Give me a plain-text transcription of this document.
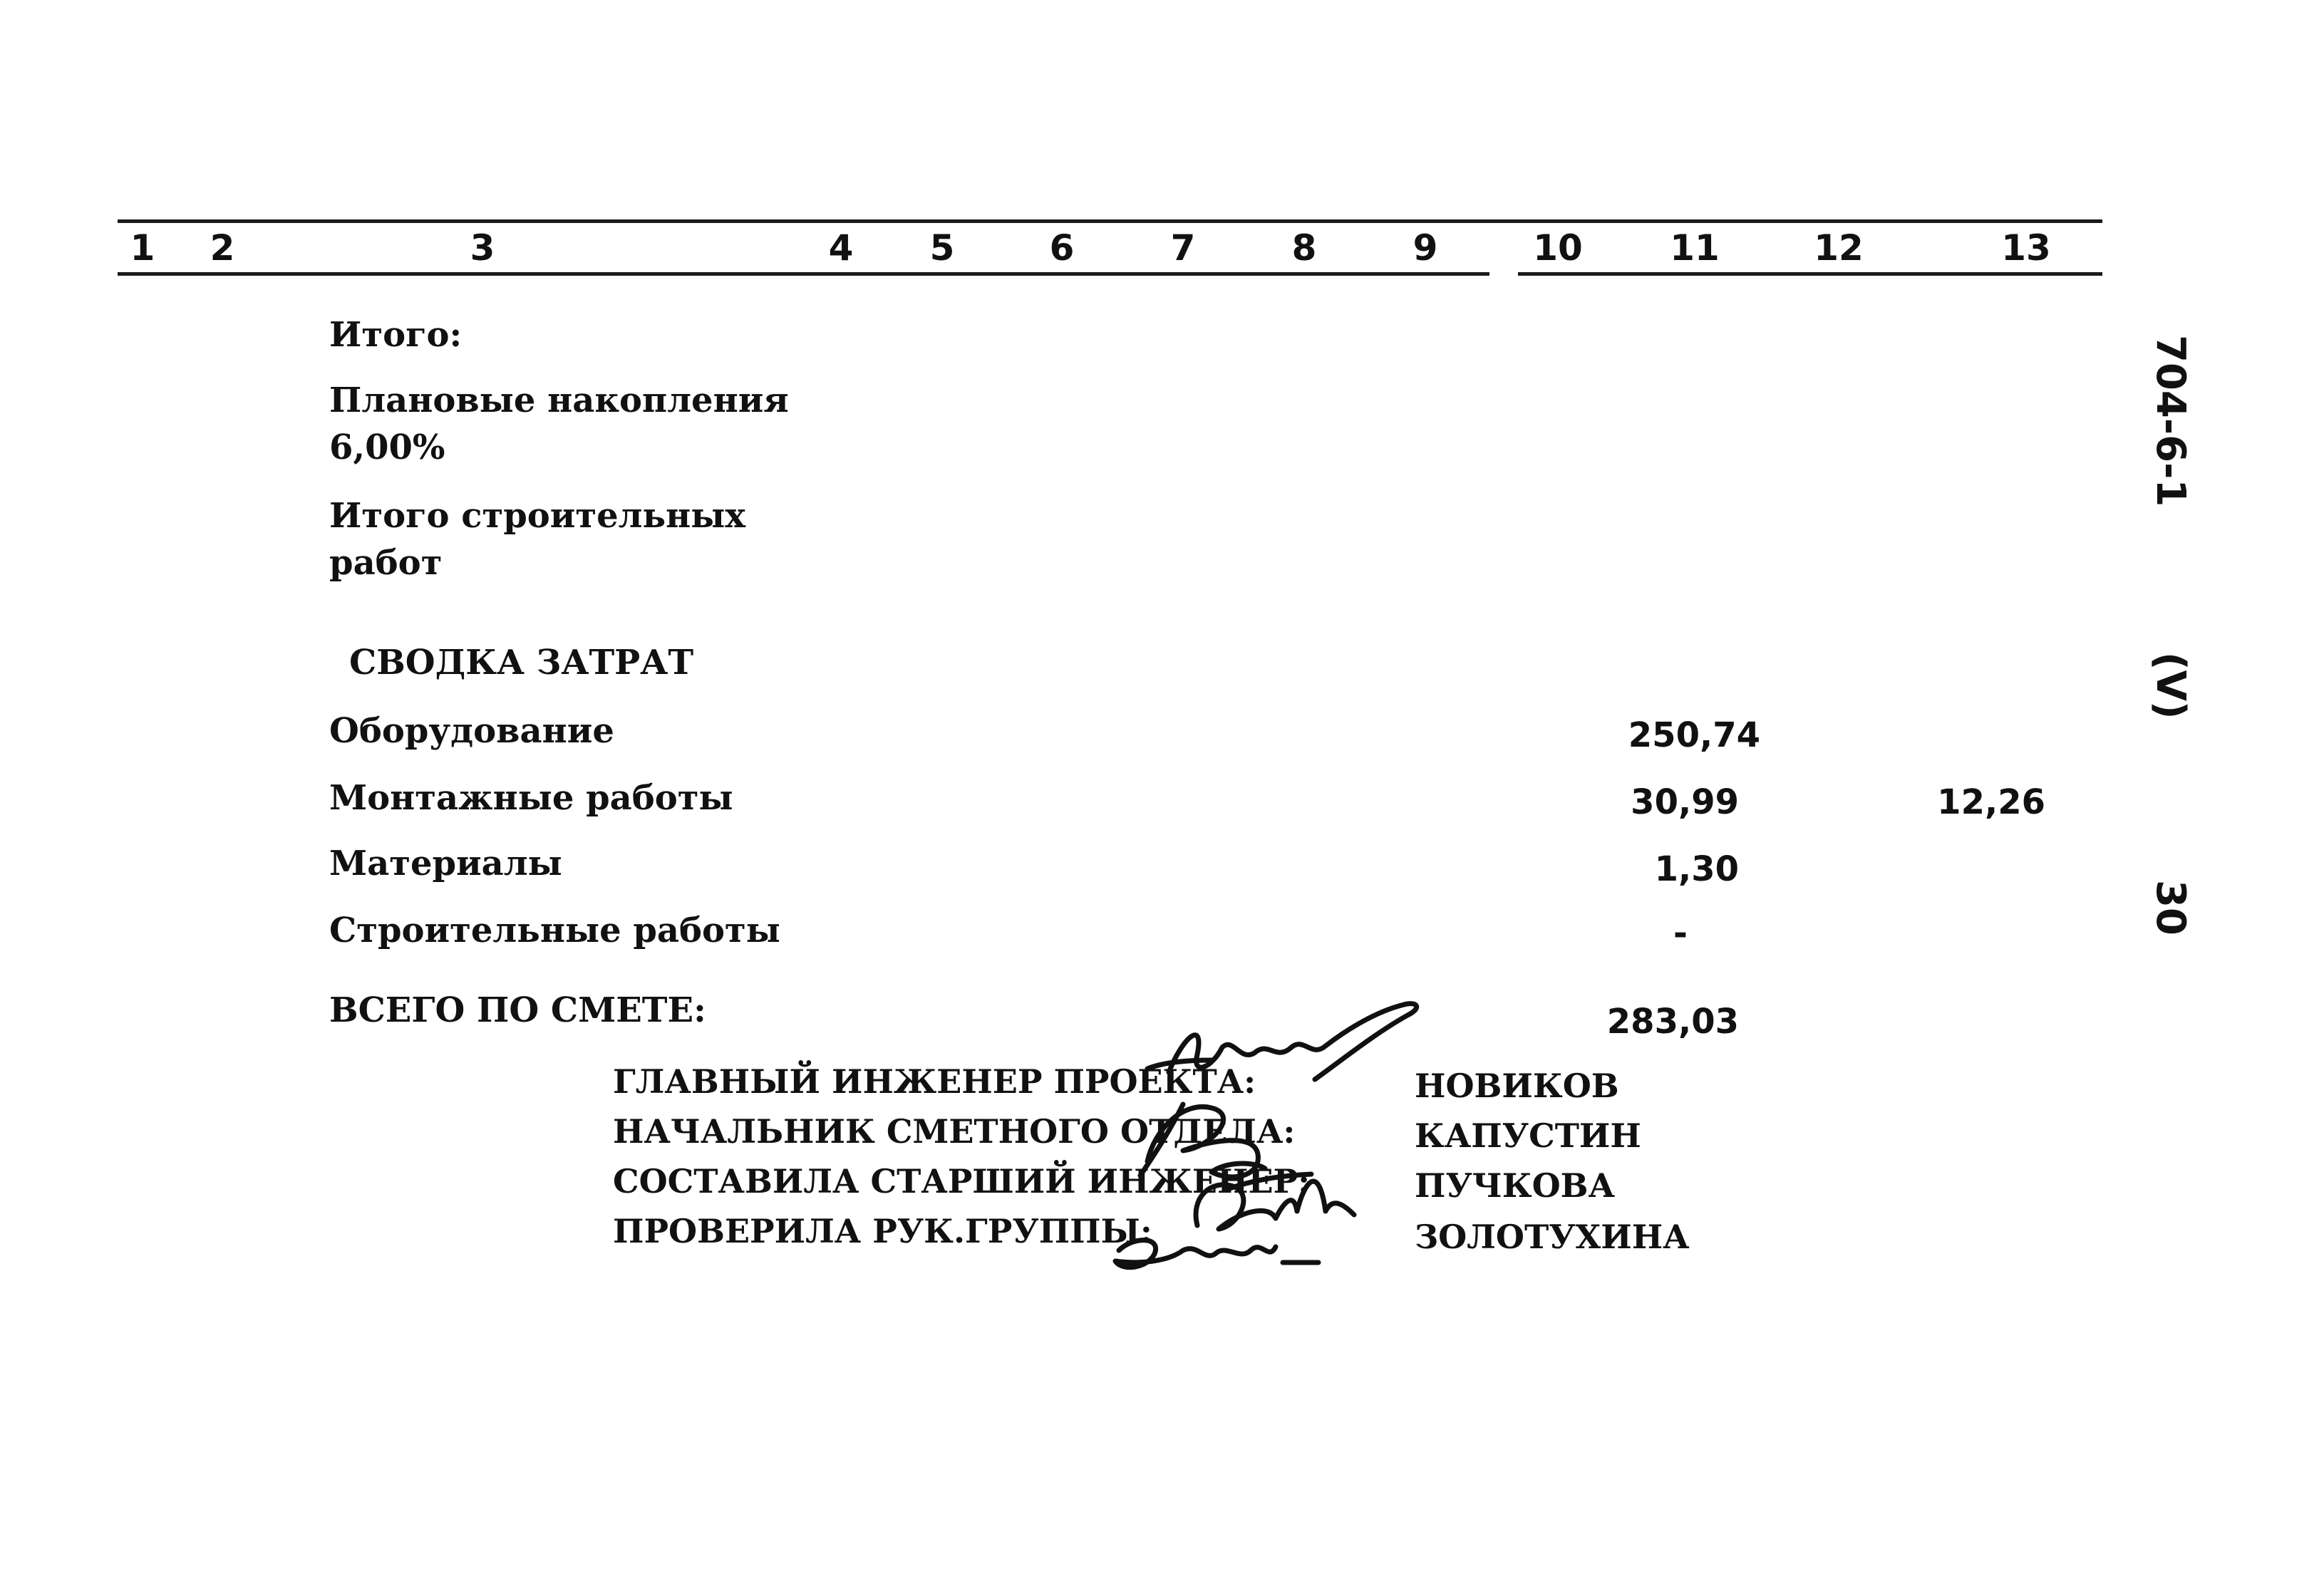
1 2	3	4 5	6	7	8	9	10 11	12	13
Итого:
Плановые накопления
6,00%
Итого строительных
работ
СВОДКА ЗАТРАТ
Оборудование	250,74
Монтажные работы	30,99	12,26
Материалы	1,30
Строительные работы	-
ВСЕГО ПО СМЕТЕ:	283,03
ГЛАВНЫЙ ИНЖЕНЕР ПРОЕКТА:	НОВИКОВ
НАЧАЛЬНИК СМЕТНОГО ОТДЕЛА:	КАПУСТИН
СОСТАВИЛА СТАРШИЙ ИНЖЕНЕР:	ПУЧКОВА
ПРОВЕРИЛА РУК.ГРУППЫ:	ЗОЛОТУХИНА
704-6-1
(V)
30
